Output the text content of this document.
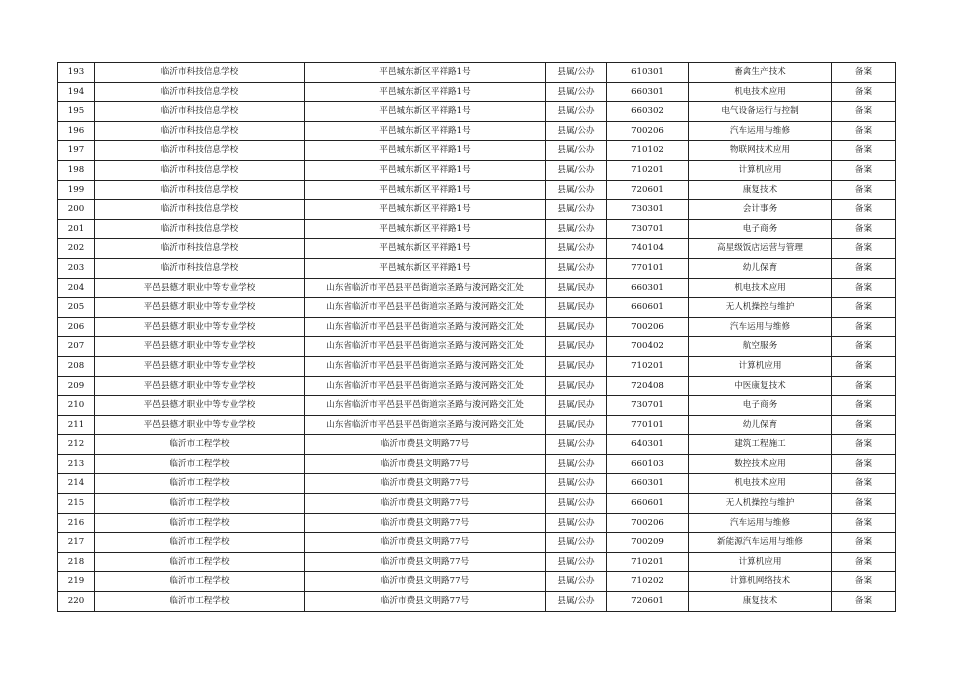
193	临沂市科技信息学校	平邑城东新区平祥路1号	县属/公办	610301	畜禽生产技术	备案
194	临沂市科技信息学校	平邑城东新区平祥路1号	县属/公办	660301	机电技术应用	备案
195	临沂市科技信息学校	平邑城东新区平祥路1号	县属/公办	660302	电气设备运行与控制	备案
196	临沂市科技信息学校	平邑城东新区平祥路1号	县属/公办	700206	汽车运用与维修	备案
197	临沂市科技信息学校	平邑城东新区平祥路1号	县属/公办	710102	物联网技术应用	备案
198	临沂市科技信息学校	平邑城东新区平祥路1号	县属/公办	710201	计算机应用	备案
199	临沂市科技信息学校	平邑城东新区平祥路1号	县属/公办	720601	康复技术	备案
200	临沂市科技信息学校	平邑城东新区平祥路1号	县属/公办	730301	会计事务	备案
201	临沂市科技信息学校	平邑城东新区平祥路1号	县属/公办	730701	电子商务	备案
202	临沂市科技信息学校	平邑城东新区平祥路1号	县属/公办	740104	高星级饭店运营与管理	备案
203	临沂市科技信息学校	平邑城东新区平祥路1号	县属/公办	770101	幼儿保育	备案
204	平邑县德才职业中等专业学校	山东省临沂市平邑县平邑街道宗圣路与浚河路交汇处	县属/民办	660301	机电技术应用	备案
205	平邑县德才职业中等专业学校	山东省临沂市平邑县平邑街道宗圣路与浚河路交汇处	县属/民办	660601	无人机操控与维护	备案
206	平邑县德才职业中等专业学校	山东省临沂市平邑县平邑街道宗圣路与浚河路交汇处	县属/民办	700206	汽车运用与维修	备案
207	平邑县德才职业中等专业学校	山东省临沂市平邑县平邑街道宗圣路与浚河路交汇处	县属/民办	700402	航空服务	备案
208	平邑县德才职业中等专业学校	山东省临沂市平邑县平邑街道宗圣路与浚河路交汇处	县属/民办	710201	计算机应用	备案
209	平邑县德才职业中等专业学校	山东省临沂市平邑县平邑街道宗圣路与浚河路交汇处	县属/民办	720408	中医康复技术	备案
210	平邑县德才职业中等专业学校	山东省临沂市平邑县平邑街道宗圣路与浚河路交汇处	县属/民办	730701	电子商务	备案
211	平邑县德才职业中等专业学校	山东省临沂市平邑县平邑街道宗圣路与浚河路交汇处	县属/民办	770101	幼儿保育	备案
212	临沂市工程学校	临沂市费县文明路77号	县属/公办	640301	建筑工程施工	备案
213	临沂市工程学校	临沂市费县文明路77号	县属/公办	660103	数控技术应用	备案
214	临沂市工程学校	临沂市费县文明路77号	县属/公办	660301	机电技术应用	备案
215	临沂市工程学校	临沂市费县文明路77号	县属/公办	660601	无人机操控与维护	备案
216	临沂市工程学校	临沂市费县文明路77号	县属/公办	700206	汽车运用与维修	备案
217	临沂市工程学校	临沂市费县文明路77号	县属/公办	700209	新能源汽车运用与维修	备案
218	临沂市工程学校	临沂市费县文明路77号	县属/公办	710201	计算机应用	备案
219	临沂市工程学校	临沂市费县文明路77号	县属/公办	710202	计算机网络技术	备案
220	临沂市工程学校	临沂市费县文明路77号	县属/公办	720601	康复技术	备案
